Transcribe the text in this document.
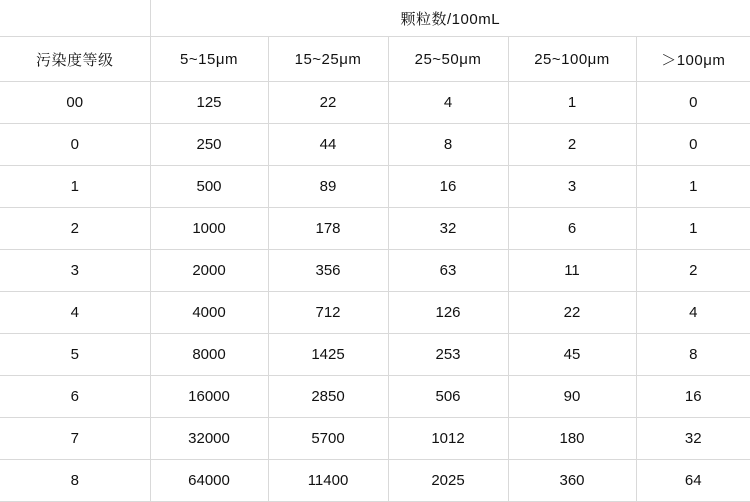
	颗粒数/100mL				
污染度等级	5~15μm	15~25μm	25~50μm	25~100μm	＞100μm
00	125	22	4	1	0
0	250	44	8	2	0
1	500	89	16	3	1
2	1000	178	32	6	1
3	2000	356	63	11	2
4	4000	712	126	22	4
5	8000	1425	253	45	8
6	16000	2850	506	90	16
7	32000	5700	1012	180	32
8	64000	11400	2025	360	64
